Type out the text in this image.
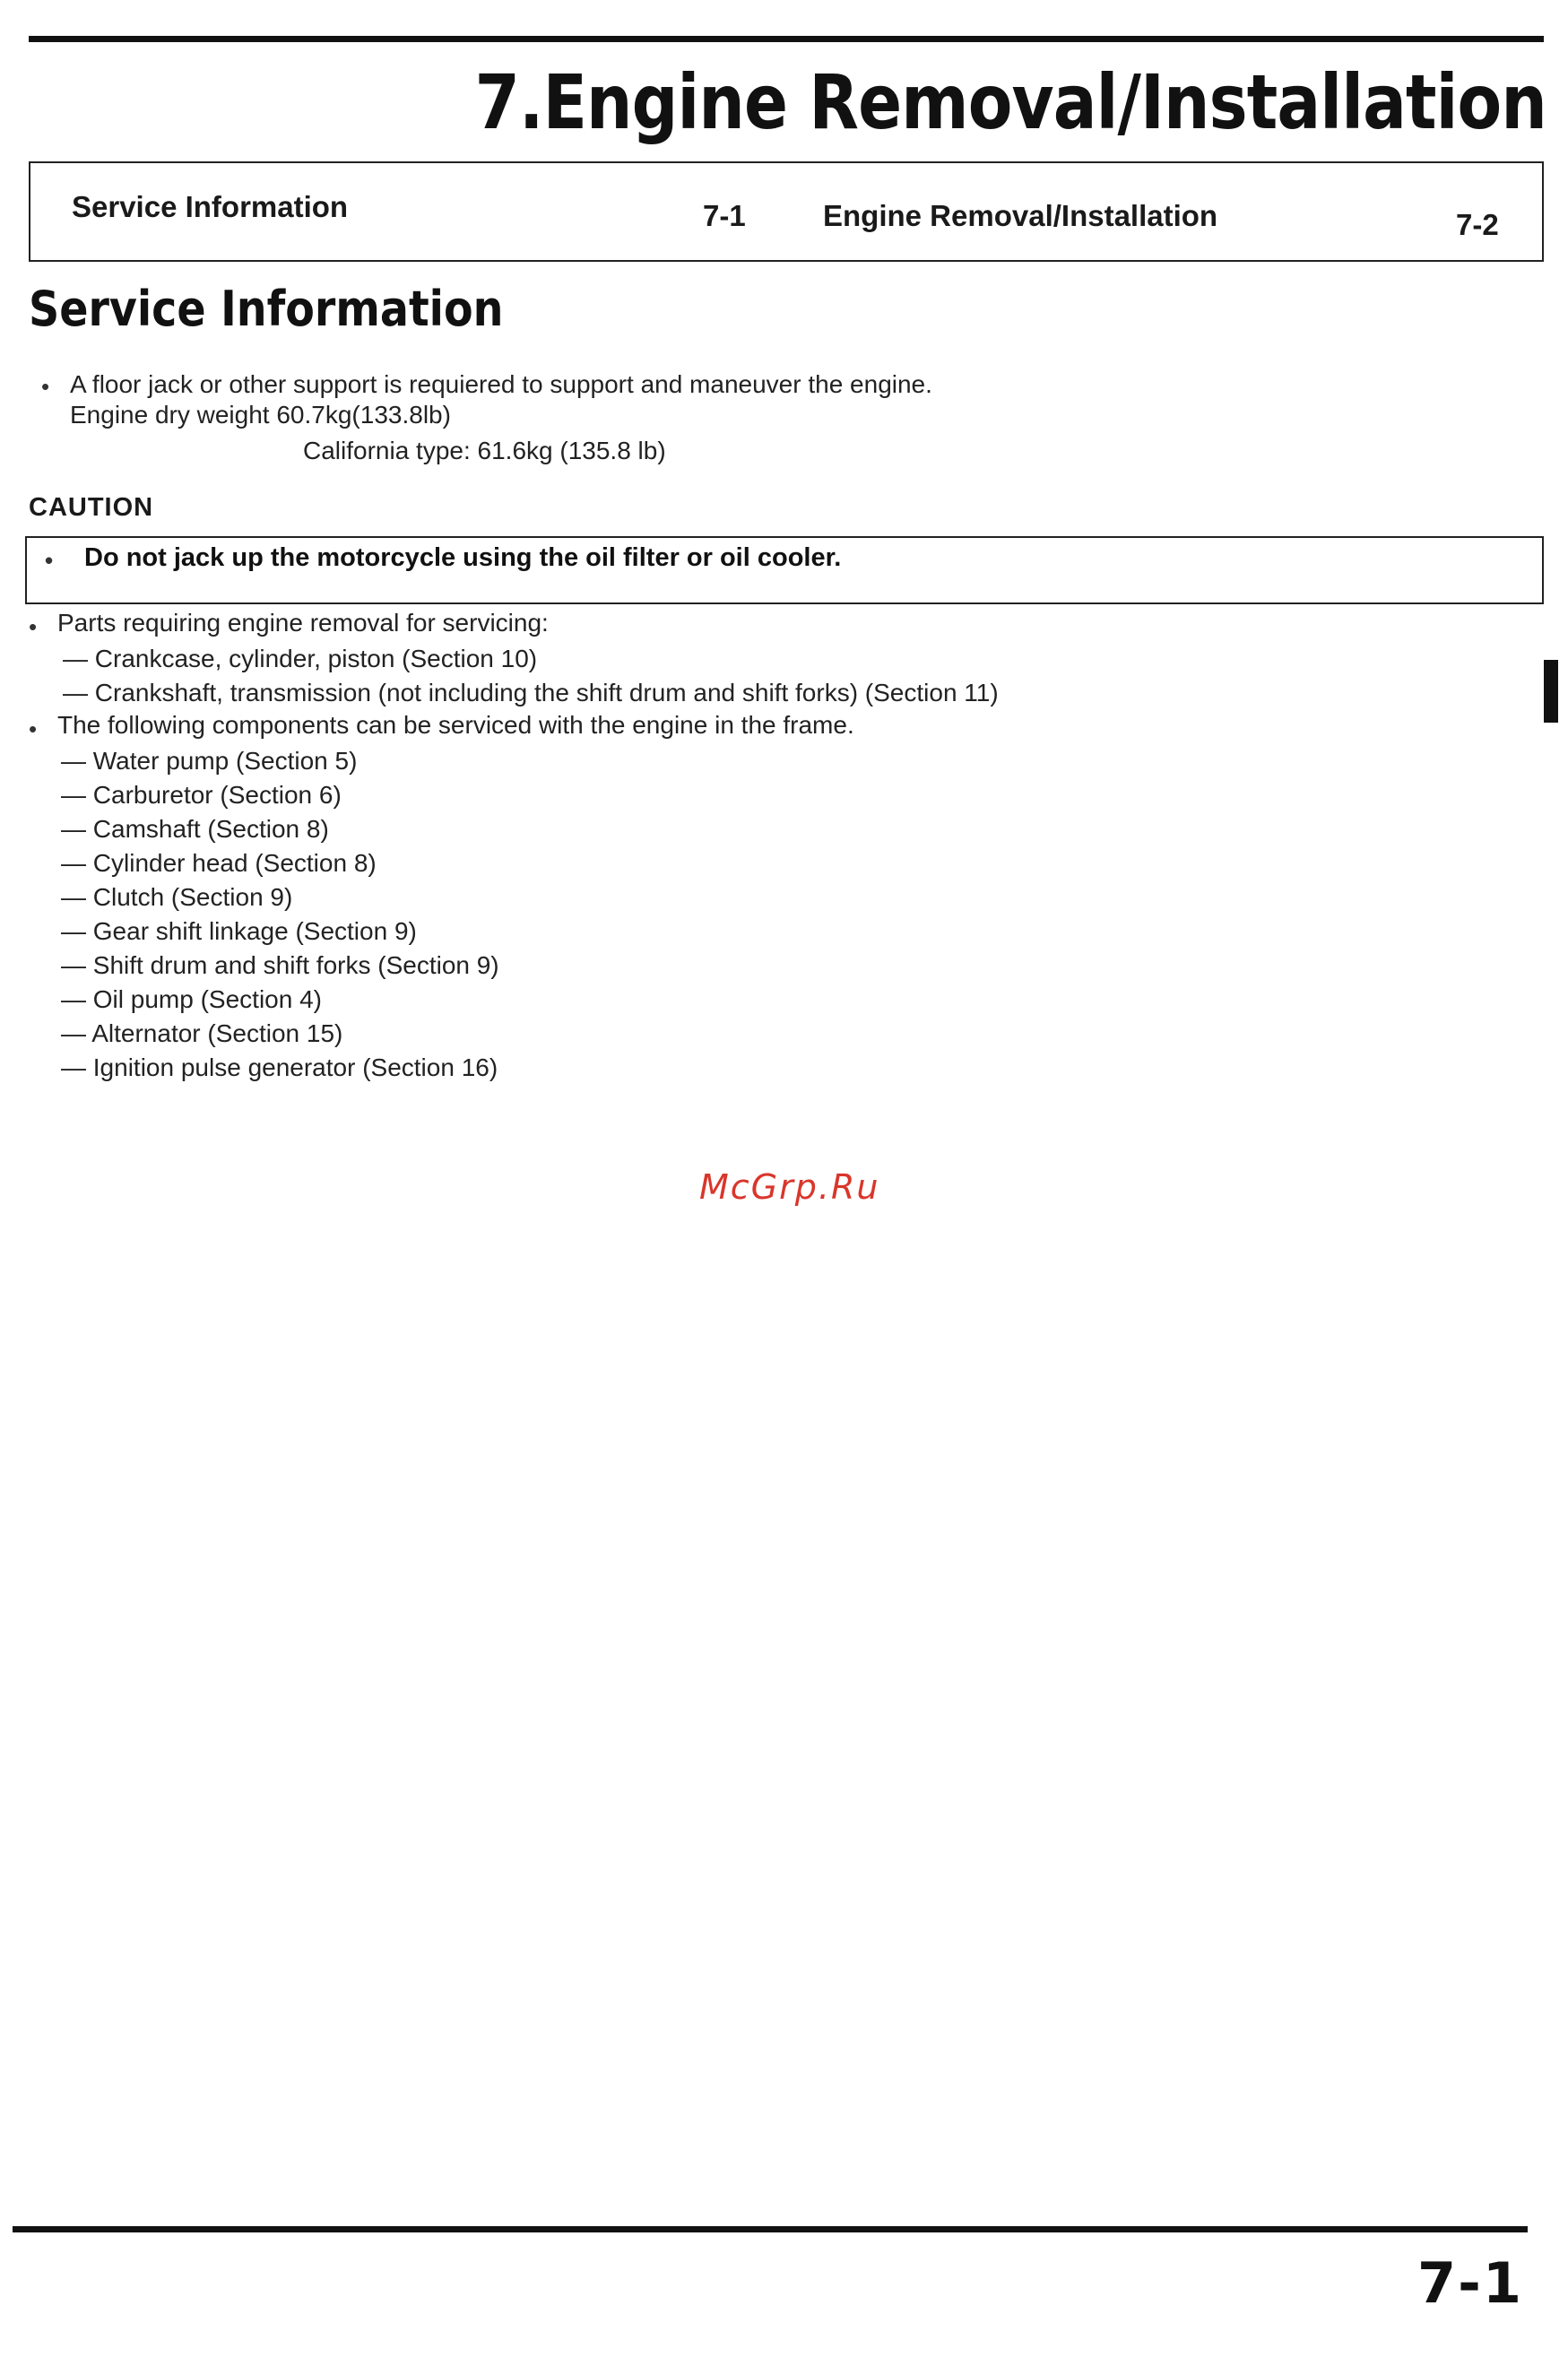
7.Engine Removal/Installation
Service Information	7-1	Engine Removal/Installation	7-2
Service Information
• A floor jack or other support is requiered to support and maneuver the engine.
Engine dry weight 60.7kg(133.8lb)
California type: 61.6kg (135.8 lb)
CAUTION
• Do not jack up the motorcycle using the oil filter or oil cooler.
• Parts requiring engine removal for servicing:
— Crankcase, cylinder, piston (Section 10)
— Crankshaft, transmission (not including the shift drum and shift forks) (Section 11)
• The following components can be serviced with the engine in the frame.
— Water pump (Section 5)
— Carburetor (Section 6)
— Camshaft (Section 8)
— Cylinder head (Section 8)
— Clutch (Section 9)
— Gear shift linkage (Section 9)
— Shift drum and shift forks (Section 9)
— Oil pump (Section 4)
— Alternator (Section 15)
— Ignition pulse generator (Section 16)
McGrp.Ru
7-1
